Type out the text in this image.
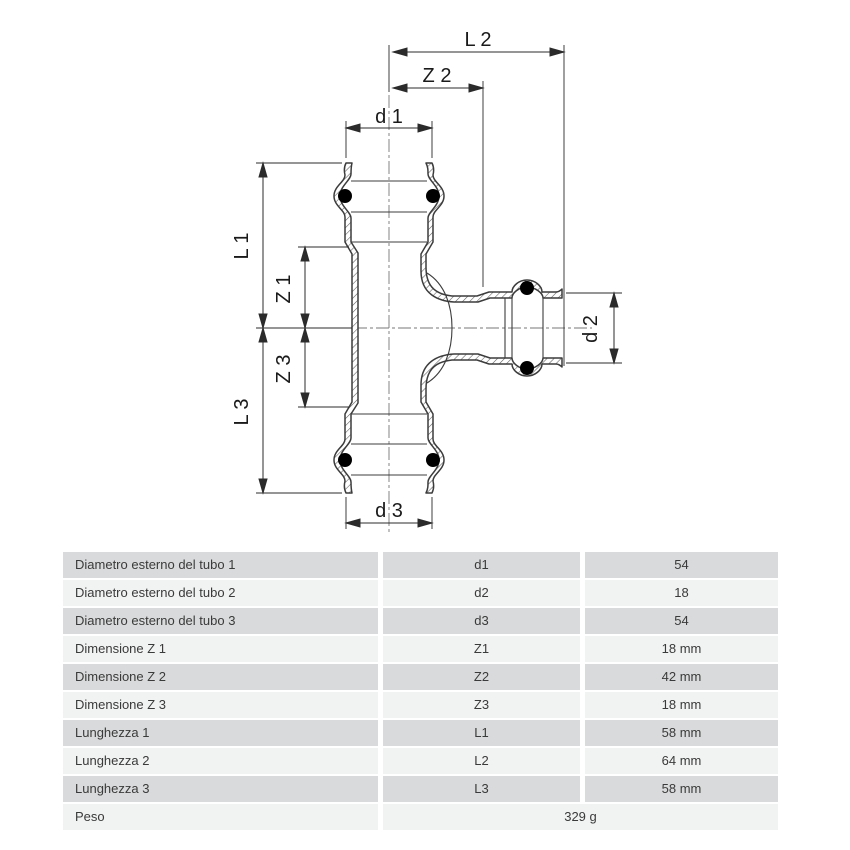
L 2
Z 2
d 1
d 3
L 1
Z 1
Z 3
L 3
d 2
Diametro esterno del tubo 1	d1	54
Diametro esterno del tubo 2	d2	18
Diametro esterno del tubo 3	d3	54
Dimensione Z 1	Z1	18 mm
Dimensione Z 2	Z2	42 mm
Dimensione Z 3	Z3	18 mm
Lunghezza 1	L1	58 mm
Lunghezza 2	L2	64 mm
Lunghezza 3	L3	58 mm
Peso	329 g
